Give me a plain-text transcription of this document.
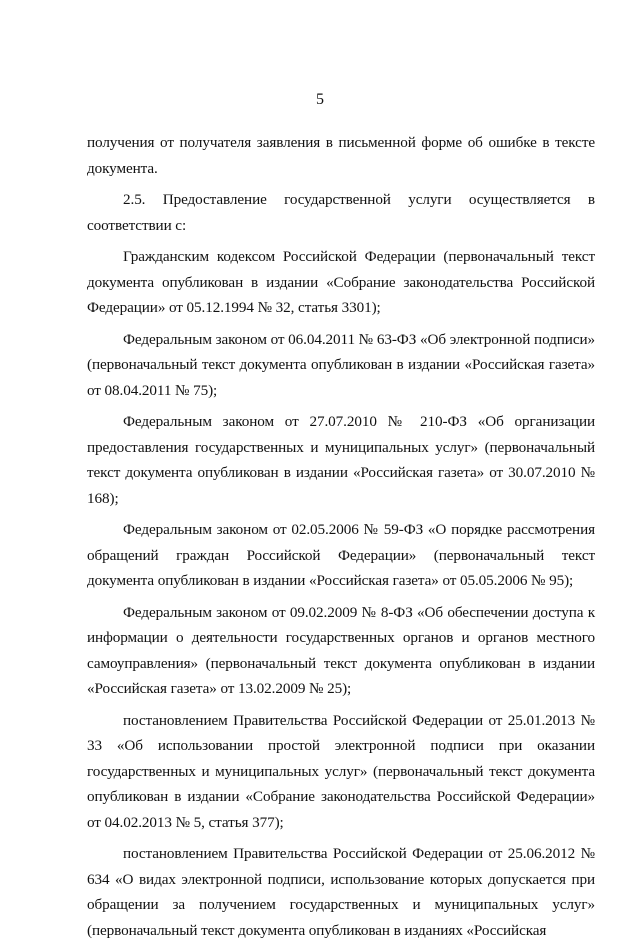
5

получения от получателя заявления в письменной форме об ошибке в тексте документа.

2.5. Предоставление государственной услуги осуществляется в соответствии с:

Гражданским кодексом Российской Федерации (первоначальный текст документа опубликован в издании «Собрание законодательства Российской Федерации» от 05.12.1994 № 32, статья 3301);

Федеральным законом от 06.04.2011 № 63-ФЗ «Об электронной подписи» (первоначальный текст документа опубликован в издании «Российская газета» от 08.04.2011 № 75);

Федеральным законом от 27.07.2010 № 210-ФЗ «Об организации предоставления государственных и муниципальных услуг» (первоначальный текст документа опубликован в издании «Российская газета» от 30.07.2010 № 168);

Федеральным законом от 02.05.2006 № 59-ФЗ «О порядке рассмотрения обращений граждан Российской Федерации» (первоначальный текст документа опубликован в издании «Российская газета» от 05.05.2006 № 95);

Федеральным законом от 09.02.2009 № 8-ФЗ «Об обеспечении доступа к информации о деятельности государственных органов и органов местного самоуправления» (первоначальный текст документа опубликован в издании «Российская газета» от 13.02.2009 № 25);

постановлением Правительства Российской Федерации от 25.01.2013 № 33 «Об использовании простой электронной подписи при оказании государственных и муниципальных услуг» (первоначальный текст документа опубликован в издании «Собрание законодательства Российской Федерации» от 04.02.2013 № 5, статья 377);

постановлением Правительства Российской Федерации от 25.06.2012 № 634 «О видах электронной подписи, использование которых допускается при обращении за получением государственных и муниципальных услуг» (первоначальный текст документа опубликован в изданиях «Российская
